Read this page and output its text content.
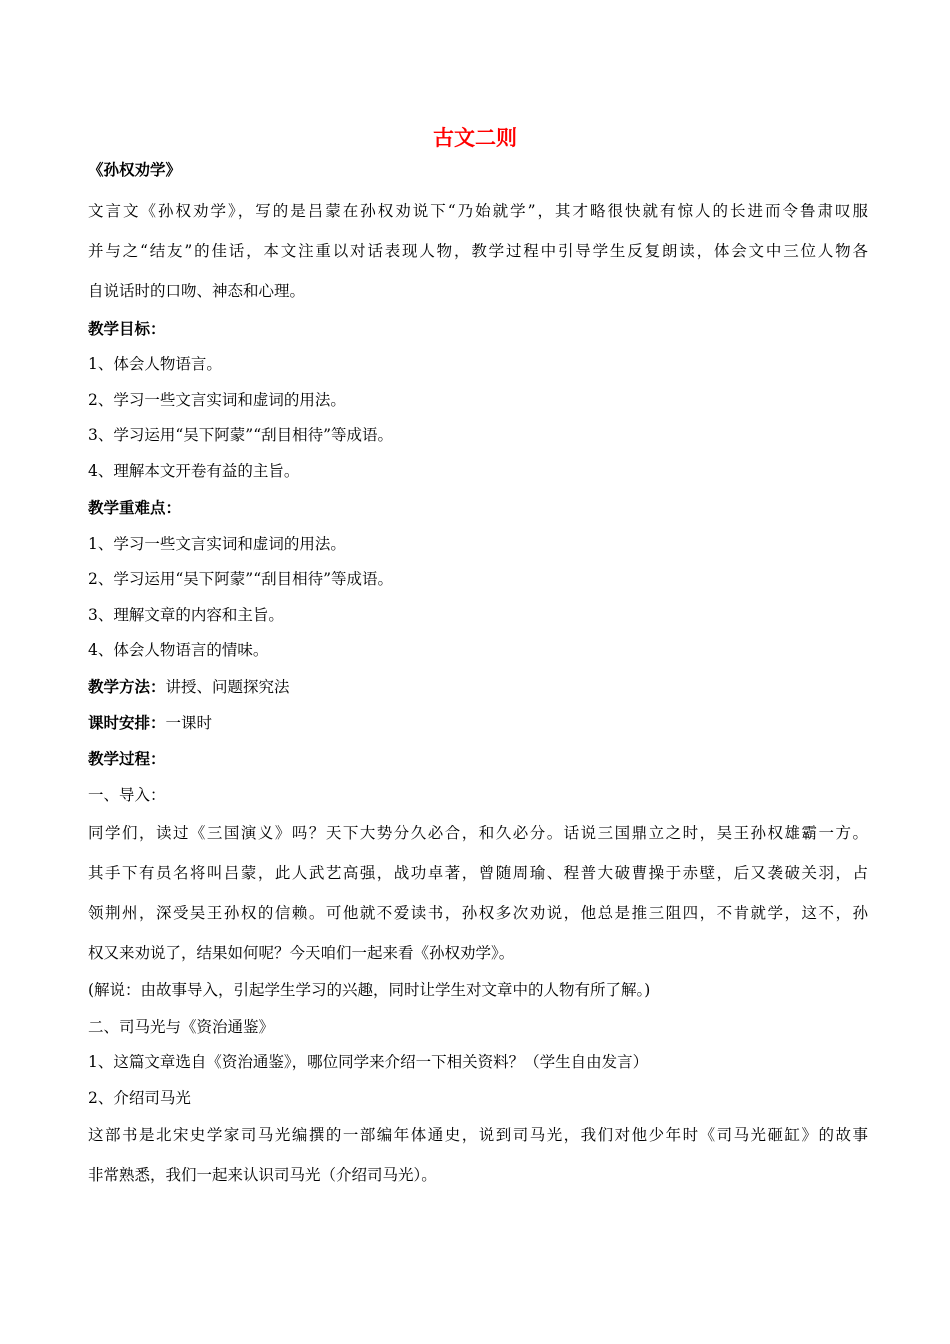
古文二则

《孙权劝学》

文言文《孙权劝学》，写的是吕蒙在孙权劝说下“乃始就学”，其才略很快就有惊人的长进而令鲁肃叹服

并与之“结友”的佳话，本文注重以对话表现人物，教学过程中引导学生反复朗读，体会文中三位人物各

自说话时的口吻、神态和心理。

教学目标：

1、体会人物语言。

2、学习一些文言实词和虚词的用法。

3、学习运用“吴下阿蒙”“刮目相待”等成语。

4、理解本文开卷有益的主旨。

教学重难点：

1、学习一些文言实词和虚词的用法。

2、学习运用“吴下阿蒙”“刮目相待”等成语。

3、理解文章的内容和主旨。

4、体会人物语言的情味。

教学方法：讲授、问题探究法

课时安排：一课时

教学过程：

一、导入：

同学们，读过《三国演义》吗？天下大势分久必合，和久必分。话说三国鼎立之时，吴王孙权雄霸一方。

其手下有员名将叫吕蒙，此人武艺高强，战功卓著，曾随周瑜、程普大破曹操于赤壁，后又袭破关羽，占

领荆州，深受吴王孙权的信赖。可他就不爱读书，孙权多次劝说，他总是推三阻四，不肯就学，这不，孙

权又来劝说了，结果如何呢？今天咱们一起来看《孙权劝学》。

(解说：由故事导入，引起学生学习的兴趣，同时让学生对文章中的人物有所了解。)

二、司马光与《资治通鉴》

1、这篇文章选自《资治通鉴》，哪位同学来介绍一下相关资料？（学生自由发言）

2、介绍司马光

这部书是北宋史学家司马光编撰的一部编年体通史，说到司马光，我们对他少年时《司马光砸缸》的故事

非常熟悉，我们一起来认识司马光（介绍司马光）。
